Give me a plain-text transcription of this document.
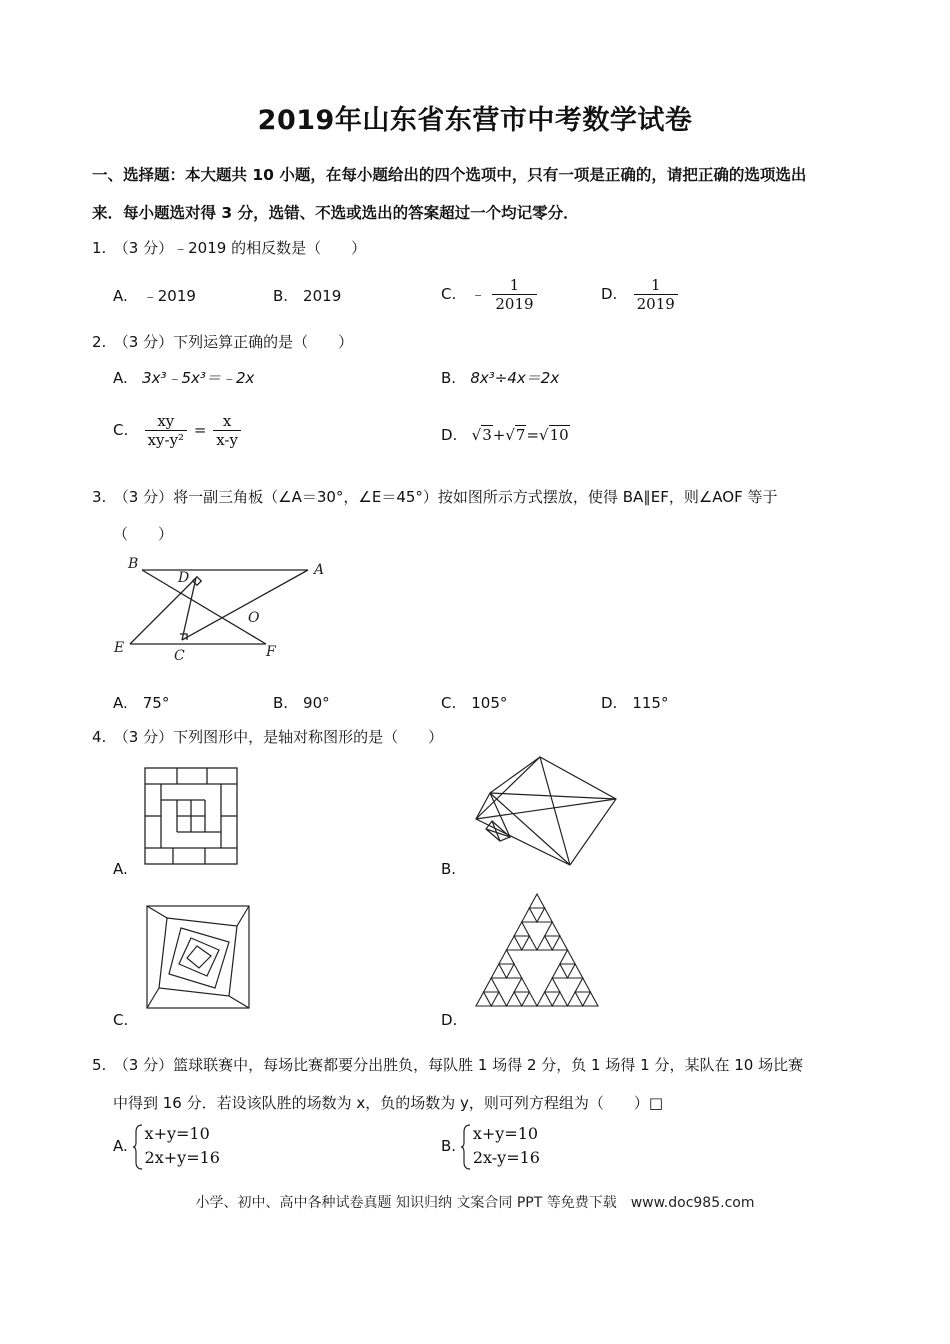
2019年山东省东营市中考数学试卷
一、选择题：本大题共 10 小题，在每小题给出的四个选项中，只有一项是正确的，请把正确的选项选出
来．每小题选对得 3 分，选错、不选或选出的答案超过一个均记零分．
1.　（3 分）﹣2019 的相反数是（　　）
A.　﹣2019	B.　2019	C. ﹣ $\frac{1}{2019}$	D. $\frac{1}{2019}$
2.　（3 分）下列运算正确的是（　　）
A. 3x³﹣5x³＝﹣2x	B. 8x³÷4x＝2x
C. $\frac{xy}{\text{xy-y²}} = \frac{x}{x-y}$	D. √3+√7=√10
3.　（3 分）将一副三角板（∠A＝30°，∠E＝45°）按如图所示方式摆放，使得 BA∥EF，则∠AOF 等于
（　　）
B	A
D
O
E	C	F
A.　75°	B.　90°	C.　105°	D.　115°
4.　（3 分）下列图形中，是轴对称图形的是（　　）
A.	B.
C.	D.
5.　（3 分）篮球联赛中，每场比赛都要分出胜负，每队胜 1 场得 2 分，负 1 场得 1 分，某队在 10 场比赛
中得到 16 分．若设该队胜的场数为 x，负的场数为 y，则可列方程组为（　　）□
A.
x+y=10
2x+y=16
B.
x+y=10
2x-y=16
小学、初中、高中各种试卷真题 知识归纳 文案合同 PPT 等免费下载　www.doc985.com
